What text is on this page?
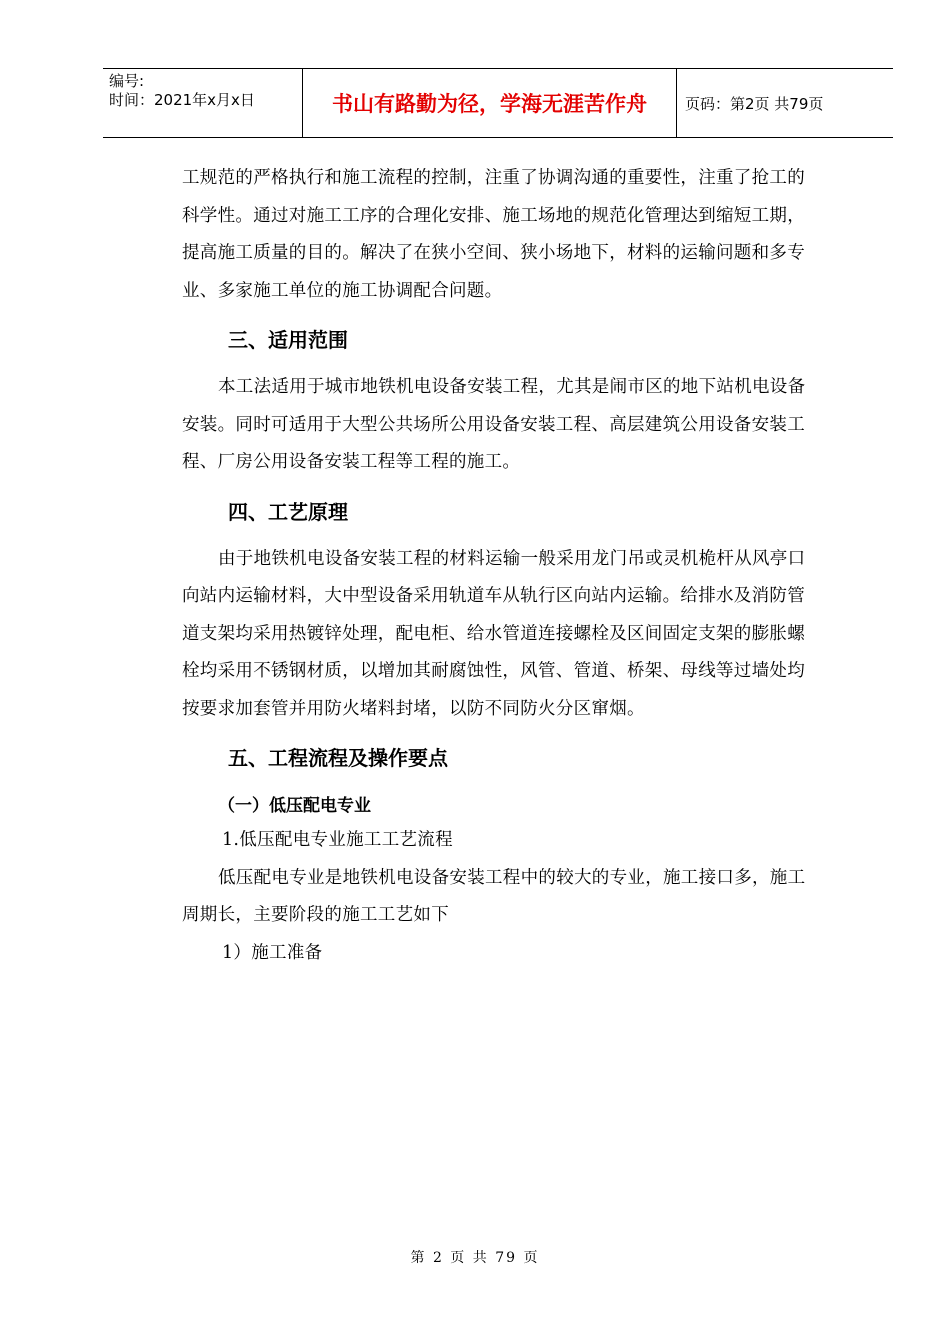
编号:
时间：2021年x月x日	书山有路勤为径，学海无涯苦作舟	页码：第2页 共79页

工规范的严格执行和施工流程的控制，注重了协调沟通的重要性，注重了抢工的科学性。通过对施工工序的合理化安排、施工场地的规范化管理达到缩短工期，提高施工质量的目的。解决了在狭小空间、狭小场地下，材料的运输问题和多专业、多家施工单位的施工协调配合问题。

三、适用范围

本工法适用于城市地铁机电设备安装工程，尤其是闹市区的地下站机电设备安装。同时可适用于大型公共场所公用设备安装工程、高层建筑公用设备安装工程、厂房公用设备安装工程等工程的施工。

四、工艺原理

由于地铁机电设备安装工程的材料运输一般采用龙门吊或灵机桅杆从风亭口向站内运输材料，大中型设备采用轨道车从轨行区向站内运输。给排水及消防管道支架均采用热镀锌处理，配电柜、给水管道连接螺栓及区间固定支架的膨胀螺栓均采用不锈钢材质，以增加其耐腐蚀性，风管、管道、桥架、母线等过墙处均按要求加套管并用防火堵料封堵，以防不同防火分区窜烟。

五、工程流程及操作要点
（一）低压配电专业

1.低压配电专业施工工艺流程

低压配电专业是地铁机电设备安装工程中的较大的专业，施工接口多，施工周期长，主要阶段的施工工艺如下

1）施工准备

第 2 页 共 79 页
